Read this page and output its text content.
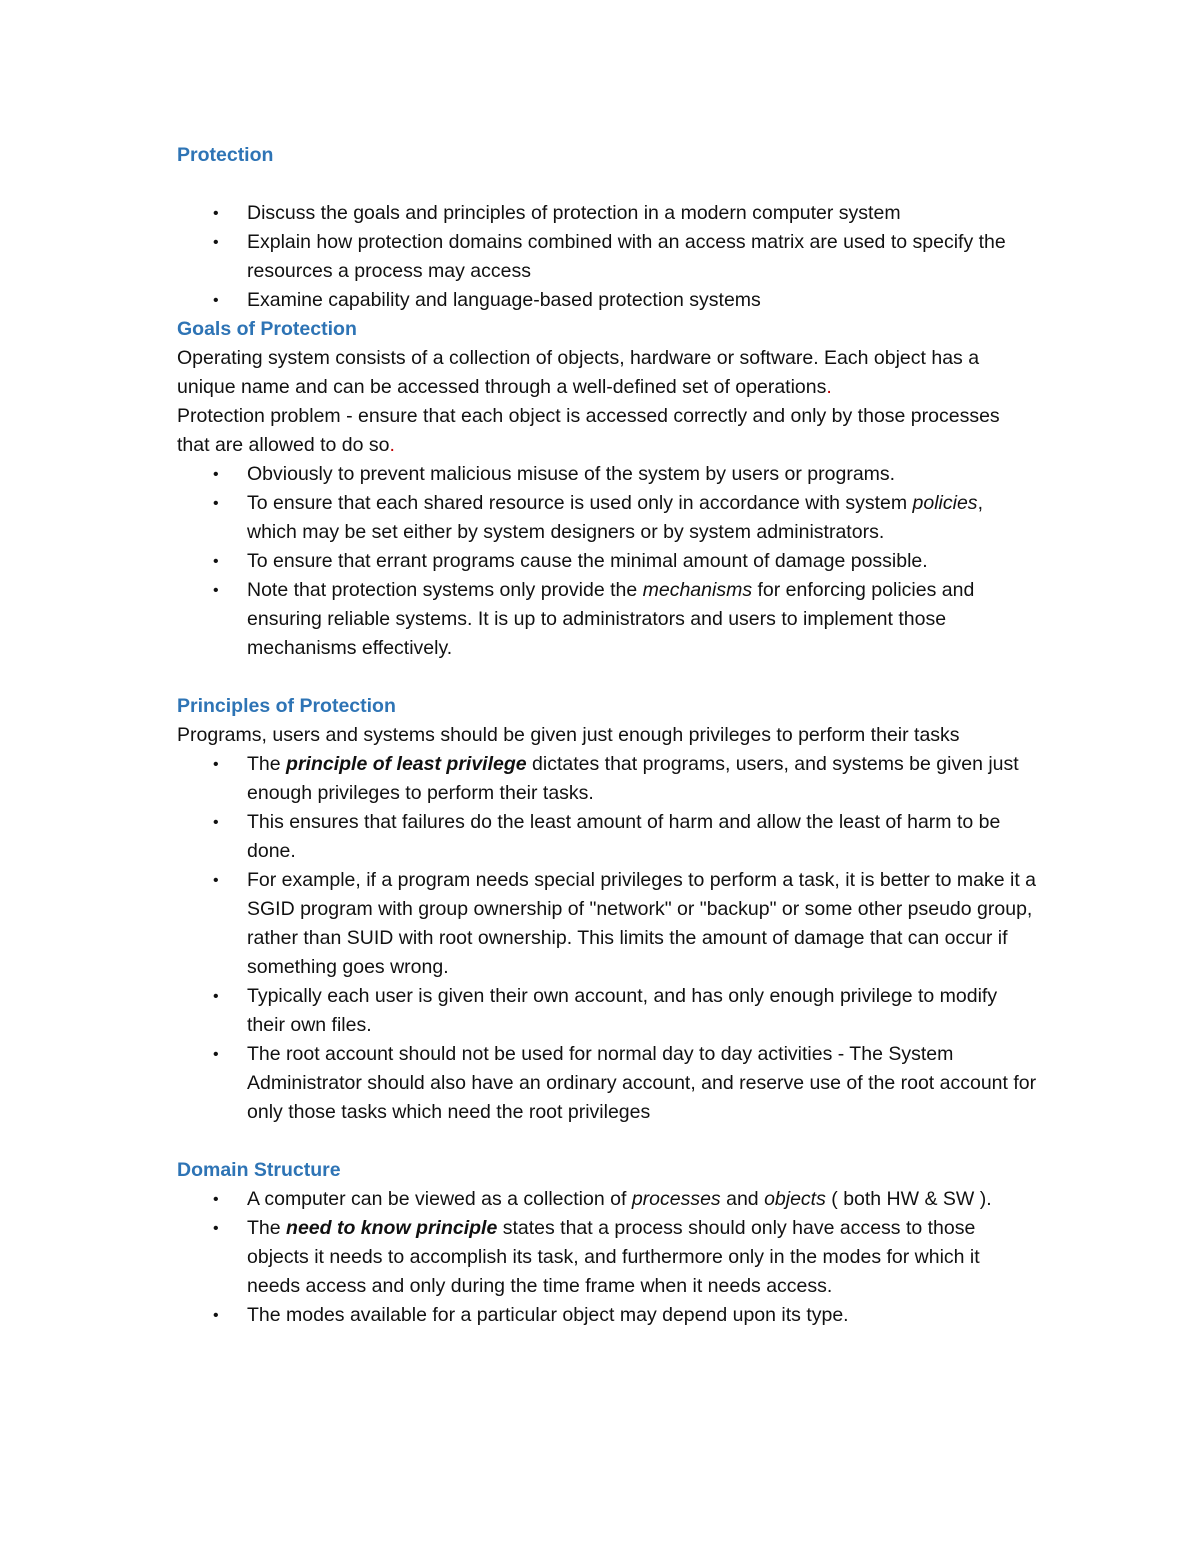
Protection
•	Discuss the goals and principles of protection in a modern computer system
•	Explain how protection domains combined with an access matrix are used to specify the resources a process may access
•	Examine capability and language-based protection systems
Goals of Protection

Operating system consists of a collection of objects, hardware or software. Each object has a unique name and can be accessed through a well-defined set of operations.

Protection problem - ensure that each object is accessed correctly and only by those processes that are allowed to do so.

•	Obviously to prevent malicious misuse of the system by users or programs.
•	To ensure that each shared resource is used only in accordance with system policies, which may be set either by system designers or by system administrators.
•	To ensure that errant programs cause the minimal amount of damage possible.
•	Note that protection systems only provide the mechanisms for enforcing policies and ensuring reliable systems. It is up to administrators and users to implement those mechanisms effectively.
Principles of Protection

Programs, users and systems should be given just enough privileges to perform their tasks

•	The principle of least privilege dictates that programs, users, and systems be given just enough privileges to perform their tasks.
•	This ensures that failures do the least amount of harm and allow the least of harm to be done.
•	For example, if a program needs special privileges to perform a task, it is better to make it a SGID program with group ownership of "network" or "backup" or some other pseudo group, rather than SUID with root ownership. This limits the amount of damage that can occur if something goes wrong.
•	Typically each user is given their own account, and has only enough privilege to modify their own files.
•	The root account should not be used for normal day to day activities - The System Administrator should also have an ordinary account, and reserve use of the root account for only those tasks which need the root privileges
Domain Structure
•	A computer can be viewed as a collection of processes and objects ( both HW & SW ).
•	The need to know principle states that a process should only have access to those objects it needs to accomplish its task, and furthermore only in the modes for which it needs access and only during the time frame when it needs access.
•	The modes available for a particular object may depend upon its type.
